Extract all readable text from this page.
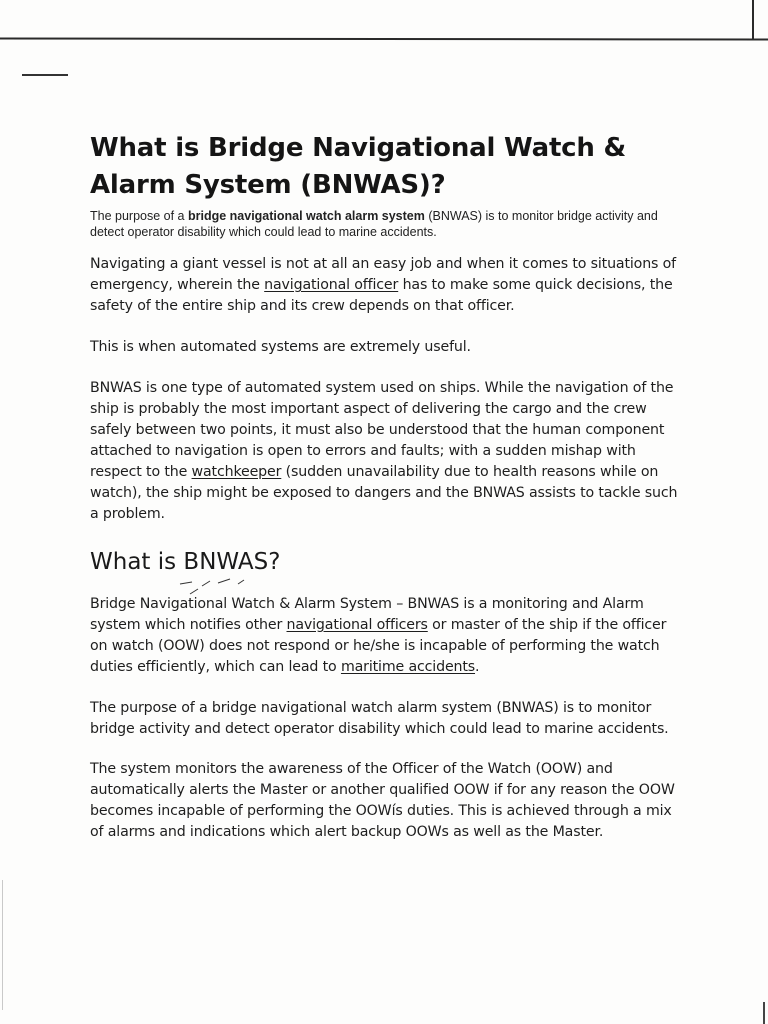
What is Bridge Navigational Watch & Alarm System (BNWAS)?

The purpose of a bridge navigational watch alarm system (BNWAS) is to monitor bridge activity and detect operator disability which could lead to marine accidents.

Navigating a giant vessel is not at all an easy job and when it comes to situations of emergency, wherein the navigational officer has to make some quick decisions, the safety of the entire ship and its crew depends on that officer.

This is when automated systems are extremely useful.

BNWAS is one type of automated system used on ships. While the navigation of the ship is probably the most important aspect of delivering the cargo and the crew safely between two points, it must also be understood that the human component attached to navigation is open to errors and faults; with a sudden mishap with respect to the watchkeeper (sudden unavailability due to health reasons while on watch), the ship might be exposed to dangers and the BNWAS assists to tackle such a problem.

What is BNWAS?

Bridge Navigational Watch & Alarm System – BNWAS is a monitoring and Alarm system which notifies other navigational officers or master of the ship if the officer on watch (OOW) does not respond or he/she is incapable of performing the watch duties efficiently, which can lead to maritime accidents.

The purpose of a bridge navigational watch alarm system (BNWAS) is to monitor bridge activity and detect operator disability which could lead to marine accidents.

The system monitors the awareness of the Officer of the Watch (OOW) and automatically alerts the Master or another qualified OOW if for any reason the OOW becomes incapable of performing the OOWís duties. This is achieved through a mix of alarms and indications which alert backup OOWs as well as the Master.
